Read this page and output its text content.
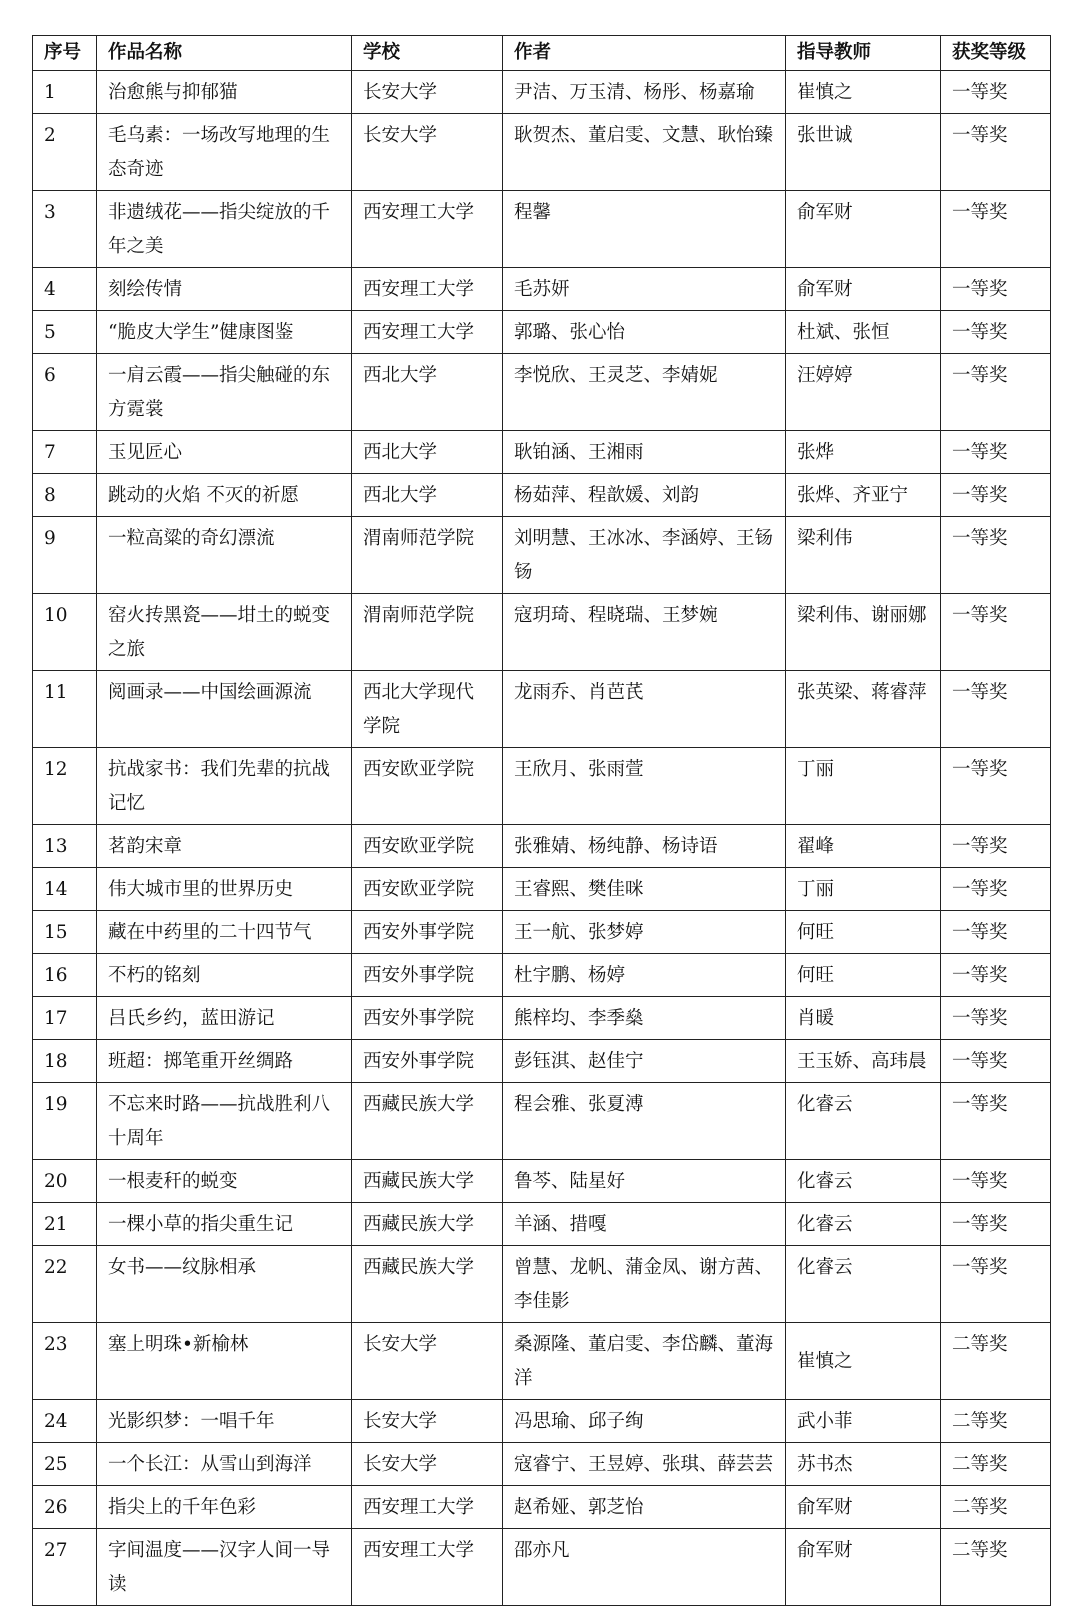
序号	作品名称	学校	作者	指导教师	获奖等级
1	治愈熊与抑郁猫	长安大学	尹洁、万玉清、杨彤、杨嘉瑜	崔慎之	一等奖
2	毛乌素：一场改写地理的生态奇迹	长安大学	耿贺杰、董启雯、文慧、耿怡臻	张世诚	一等奖
3	非遗绒花——指尖绽放的千年之美	西安理工大学	程馨	俞军财	一等奖
4	刻绘传情	西安理工大学	毛苏妍	俞军财	一等奖
5	“脆皮大学生”健康图鉴	西安理工大学	郭璐、张心怡	杜斌、张恒	一等奖
6	一肩云霞——指尖触碰的东方霓裳	西北大学	李悦欣、王灵芝、李婧妮	汪婷婷	一等奖
7	玉见匠心	西北大学	耿铂涵、王湘雨	张烨	一等奖
8	跳动的火焰 不灭的祈愿	西北大学	杨茹萍、程歆媛、刘韵	张烨、齐亚宁	一等奖
9	一粒高粱的奇幻漂流	渭南师范学院	刘明慧、王冰冰、李涵婷、王钖钖	梁利伟	一等奖
10	窑火抟黑瓷——坩土的蜕变之旅	渭南师范学院	寇玥琦、程晓瑞、王梦婉	梁利伟、谢丽娜	一等奖
11	阅画录——中国绘画源流	西北大学现代学院	龙雨乔、肖芭芪	张英梁、蒋睿萍	一等奖
12	抗战家书：我们先辈的抗战记忆	西安欧亚学院	王欣月、张雨萱	丁丽	一等奖
13	茗韵宋章	西安欧亚学院	张雅婧、杨纯静、杨诗语	翟峰	一等奖
14	伟大城市里的世界历史	西安欧亚学院	王睿熙、樊佳咪	丁丽	一等奖
15	藏在中药里的二十四节气	西安外事学院	王一航、张梦婷	何旺	一等奖
16	不朽的铭刻	西安外事学院	杜宇鹏、杨婷	何旺	一等奖
17	吕氏乡约，蓝田游记	西安外事学院	熊梓均、李季燊	肖暖	一等奖
18	班超：掷笔重开丝绸路	西安外事学院	彭钰淇、赵佳宁	王玉娇、高玮晨	一等奖
19	不忘来时路——抗战胜利八十周年	西藏民族大学	程会雅、张夏溥	化睿云	一等奖
20	一根麦秆的蜕变	西藏民族大学	鲁芩、陆星好	化睿云	一等奖
21	一棵小草的指尖重生记	西藏民族大学	羊涵、措嘎	化睿云	一等奖
22	女书——纹脉相承	西藏民族大学	曾慧、龙帆、蒲金凤、谢方茜、李佳影	化睿云	一等奖
23	塞上明珠•新榆林	长安大学	桑源隆、董启雯、李岱麟、董海洋	崔慎之	二等奖
24	光影织梦：一唱千年	长安大学	冯思瑜、邱子绚	武小菲	二等奖
25	一个长江：从雪山到海洋	长安大学	寇睿宁、王昱婷、张琪、薛芸芸	苏书杰	二等奖
26	指尖上的千年色彩	西安理工大学	赵希娅、郭芝怡	俞军财	二等奖
27	字间温度——汉字人间一导读	西安理工大学	邵亦凡	俞军财	二等奖
